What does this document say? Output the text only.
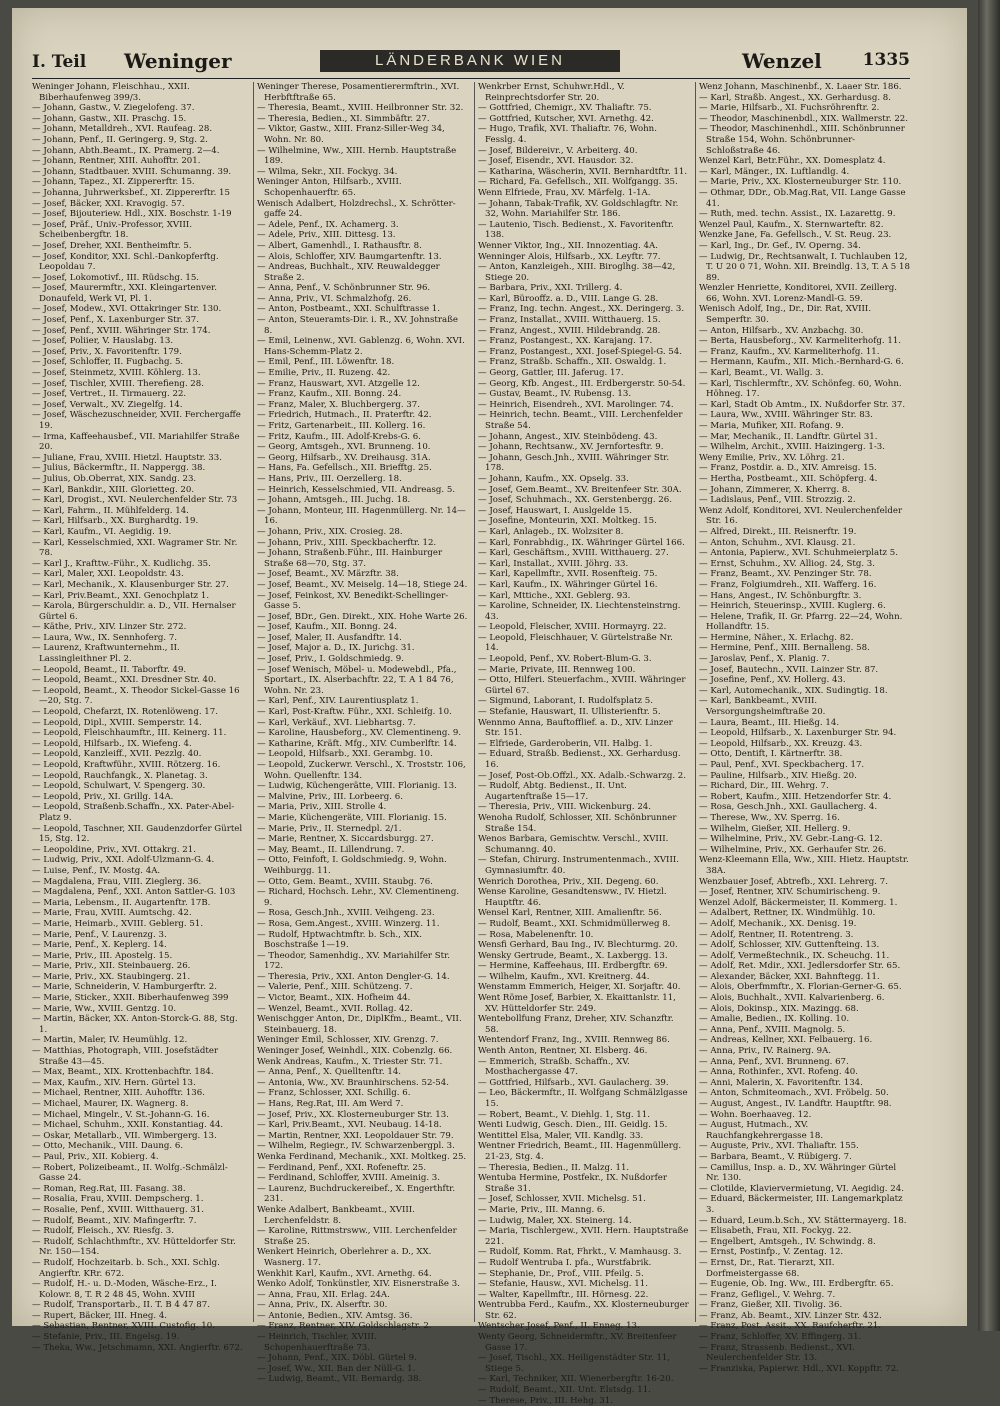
I. Teil Weninger	LÄNDERBANK WIEN	Wenzel 1335

Weninger Johann, Fleischhau., XXII. Biberhaufenweg 399/3.

— Johann, Gastw., V. Ziegelofeng. 37.

— Johann, Gastw., XII. Praschg. 15.

— Johann, Metalldreh., XVI. Raufeag. 28.

— Johann, Penf., II. Geringerg. 9, Stg. 2.

— Johann, Abth.Beamt., IX. Pramerg. 2—4.

— Johann, Rentner, XIII. Auhofftr. 201.

— Johann, Stadtbauer. XVIII. Schumanng. 39.

— Johann, Tapez., XI. Zippererftr. 15.

— Johanna, Juhrwerksbef., XI. Zippererftr. 15

— Josef, Bäcker, XXI. Kravogig. 57.

— Josef, Bijouteriew. Hdl., XIX. Boschstr. 1-19

— Josef, Präf., Univ.-Professor, XVIII. Scheibenbergftr. 18.

— Josef, Dreher, XXI. Bentheimftr. 5.

— Josef, Konditor, XXI. Schl.-Dankopferftg. Leopoldau 7.

— Josef, Lokomotivf., III. Rüdschg. 15.

— Josef, Maurermftr., XXI. Kleingartenver. Donaufeld, Werk VI, Pl. 1.

— Josef, Modew., XVI. Ottakringer Str. 130.

— Josef, Penf., X. Laxenburger Str. 37.

— Josef, Penf., XVIII. Währinger Str. 174.

— Josef, Poliier, V. Hauslabg. 13.

— Josef, Priv., X. Favoritenftr. 179.

— Josef, Schloffer, II. Fugbachg. 5.

— Josef, Steinmetz, XVIII. Köhlerg. 13.

— Josef, Tischler, XVIII. Therefieng. 28.

— Josef, Vertret., II. Tirmauerg. 22.

— Josef, Verwalt., XV. Ziegelfg. 14.

— Josef, Wäschezuschneider, XVII. Ferchergaffe 19.

— Irma, Kaffeehausbef., VII. Mariahilfer Straße 20.

— Juliane, Frau, XVIII. Hietzl. Hauptstr. 33.

— Julius, Bäckermftr., II. Nappergg. 38.

— Julius, Ob.Oberrat, XIX. Sandg. 23.

— Karl, Bankdir., XIII. Glorietteg. 20.

— Karl, Drogist., XVI. Neulerchenfelder Str. 73

— Karl, Fahrm., II. Mühlfelderg. 14.

— Karl, Hilfsarb., XX. Burghardtg. 19.

— Karl, Kaufm., VI. Aegidig. 19.

— Karl, Kesselschmied, XXI. Wagramer Str. Nr. 78.

— Karl J., Krafttw.-Führ., X. Kudlichg. 35.

— Karl, Maler, XXI. Leopoldstr. 43.

— Karl, Mechanik., X. Klausenburger Str. 27.

— Karl, Priv.Beamt., XXI. Genochplatz 1.

— Karola, Bürgerschuldir. a. D., VII. Hernalser Gürtel 6.

— Käthe, Priv., XIV. Linzer Str. 272.

— Laura, Ww., IX. Sennhoferg. 7.

— Laurenz, Kraftwunternehm., II. Lassingleithner Pl. 2.

— Leopold, Beamt., II. Taborftr. 49.

— Leopold, Beamt., XXI. Dresdner Str. 40.

— Leopold, Beamt., X. Theodor Sickel-Gasse 16—20, Stg. 7.

— Leopold, Chefarzt, IX. Rotenlöweng. 17.

— Leopold, Dipl., XVIII. Semperstr. 14.

— Leopold, Fleischhaumftr., III. Keinerg. 11.

— Leopold, Hilfsarb., IX. Wiefeng. 4.

— Leopold, Kanzleiff., XVII. Pezzlg. 40.

— Leopold, Kraftwführ., XVIII. Rötzerg. 16.

— Leopold, Rauchfangk., X. Planetag. 3.

— Leopold, Schulwart, V. Spengerg. 30.

— Leopold, Priv., XI. Grillg. 14A.

— Leopold, Straßenb.Schaffn., XX. Pater-Abel-Platz 9.

— Leopold, Taschner, XII. Gaudenzdorfer Gürtel 15, Stg. 12.

— Leopoldine, Priv., XVI. Ottakrg. 21.

— Ludwig, Priv., XXI. Adolf-Ulzmann-G. 4.

— Luise, Penf., IV. Mostg. 4A.

— Magdalena, Frau, VIII. Zieglerg. 36.

— Magdalena, Penf., XXI. Anton Sattler-G. 103

— Maria, Lebensm., II. Augartenftr. 17B.

— Marie, Frau, XVIII. Aumtschg. 42.

— Marie, Heimarb., XVIII. Geblerg. 51.

— Marie, Penf., V. Laurenzg. 3.

— Marie, Penf., X. Keplerg. 14.

— Marie, Priv., III. Apostelg. 15.

— Marie, Priv., XII. Steinbauerg. 26.

— Marie, Priv., XX. Staubingerg. 21.

— Marie, Schneiderin, V. Hamburgerftr. 2.

— Marie, Sticker., XXII. Biberhaufenweg 399

— Marie, Ww., XVIII. Gentzg. 10.

— Martin, Bäcker, XX. Anton-Storck-G. 88, Stg. 1.

— Martin, Maler, IV. Heumühlg. 12.

— Matthias, Photograph, VIII. Josefstädter Straße 43—45.

— Max, Beamt., XIX. Krottenbachftr. 184.

— Max, Kaufm., XIV. Hern. Gürtel 13.

— Michael, Rentner, XIII. Auhofftr. 136.

— Michael, Maurer, IX. Wagnerg. 8.

— Michael, Mingelr., V. St.-Johann-G. 16.

— Michael, Schuhm., XXII. Konstantiag. 44.

— Oskar, Metallarb., VII. Wimbergerg. 13.

— Otto, Mechanik., VIII. Daung. 6.

— Paul, Priv., XII. Kobierg. 4.

— Robert, Polizeibeamt., II. Wolfg.-Schmälzl-Gasse 24.

— Roman, Reg.Rat, III. Fasang. 38.

— Rosalia, Frau, XVIII. Dempscherg. 1.

— Rosalie, Penf., XVIII. Witthauerg. 31.

— Rudolf, Beamt., XIV. Mafingerftr. 7.

— Rudolf, Fleisch., XV. Riesfg. 3.

— Rudolf, Schlachthmftr., XV. Hütteldorfer Str. Nr. 150—154.

— Rudolf, Hochzeitarb. b. Sch., XXI. Schlg. Angierftr. KRr. 672.

— Rudolf, H.- u. D.-Moden, Wäsche-Erz., I. Kolowr. 8, T. R 2 48 45, Wohn. XVIII

— Rudolf, Transportarb., II. T. B 4 47 87.

— Rupert, Bäcker, III. Hneg. 4.

— Sebastian, Rentner, XVIII. Custofig. 10.

— Stefanie, Priv., III. Engelsg. 19.

— Theka, Ww., Jetschmamn, XXI. Angierftr. 672.

Weninger Therese, Posamentierermftrin., XVI. Herbftftraße 65.

— Theresia, Beamt., XVIII. Heilbronner Str. 32.

— Theresia, Bedien., XI. Simmbäftr. 27.

— Viktor, Gastw., XIII. Franz-Siller-Weg 34, Wohn. Nr. 80.

— Wilhelmine, Ww., XIII. Hernb. Hauptstraße 189.

— Wilma, Sekr., XII. Fockyg. 34.

Weninger Anton, Hilfsarb., XVIII. Schopenhauerftr. 65.

Wenisch Adalbert, Holzdrechsl., X. Schrötter-gaffe 24.

— Adele, Penf., IX. Achamerg. 3.

— Adele, Priv., XIII. Dittesg. 13.

— Albert, Gamenhdl., I. Rathausftr. 8.

— Alois, Schloffer, XIV. Baumgartenftr. 13.

— Andreas, Buchhalt., XIV. Reuwaldegger Straße 2.

— Anna, Penf., V. Schönbrunner Str. 96.

— Anna, Priv., VI. Schmalzhofg. 26.

— Anton, Postbeamt., XXI. Schulftrasse 1.

— Anton, Steueramts-Dir. i. R., XV. Johnstraße 8.

— Emil, Leinenw., XVI. Gablenzg. 6, Wohn. XVI. Hans-Schemm-Platz 2.

— Emil, Penf., III. Löwenftr. 18.

— Emilie, Priv., II. Ruzeng. 42.

— Franz, Hauswart, XVI. Atzgelle 12.

— Franz, Kaufm., XII. Bonng. 24.

— Franz, Maler, X. Bluchbergerg. 37.

— Friedrich, Hutmach., II. Praterftr. 42.

— Fritz, Gartenarbeit., III. Kollerg. 16.

— Fritz, Kaufm., III. Adolf-Krebs-G. 6.

— Georg, Amtsgeh., XVI. Brunneng. 10.

— Georg, Hilfsarb., XV. Dreihausg. 31A.

— Hans, Fa. Gefellsch., XII. Briefftg. 25.

— Hans, Priv., III. Oerzellerg. 18.

— Heinrich, Kesselschmied, VII. Andreasg. 5.

— Johann, Amtsgeh., III. Juchg. 18.

— Johann, Monteur, III. Hagenmüllerg. Nr. 14—16.

— Johann, Priv., XIX. Crosieg. 28.

— Johann, Priv., XIII. Speckbacherftr. 12.

— Johann, Straßenb.Führ., III. Hainburger Straße 68—70, Stg. 37.

— Josef, Beamt., XV. Märzftr. 38.

— Josef, Beamt., XV. Meiselg. 14—18, Stiege 24.

— Josef, Feinkost, XV. Benedikt-Schellinger-Gasse 5.

— Josef, BDr., Gen. Direkt., XIX. Hohe Warte 26.

— Josef, Kaufm., XII. Bonng. 24.

— Josef, Maler, II. Ausfandftr. 14.

— Josef, Major a. D., IX. Jurichg. 31.

— Josef, Priv., I. Goldschmiedg. 9.

— Josef Wenisch, Möbel- u. Modewebdl., Pfa., Sportart., IX. Alserbachftr. 22, T. A 1 84 76, Wohn. Nr. 23.

— Karl, Penf., XIV. Laurentiusplatz 1.

— Karl, Post-Kraftw. Führ., XXI. Schleifg. 10.

— Karl, Verkäuf., XVI. Liebhartsg. 7.

— Karoline, Hausbeforg., XV. Clementineng. 9.

— Katharine, Kräft. Mfg., XIV. Cumberlftr. 14.

— Leopold, Hilfsarb., XXI. Gerambg. 10.

— Leopold, Zuckerwr. Verschl., X. Troststr. 106, Wohn. Quellenftr. 134.

— Ludwig, Küchengerätte, VIII. Florianig. 13.

— Malvine, Priv., III. Lorbeerg. 6.

— Maria, Priv., XIII. Strolle 4.

— Marie, Küchengeräte, VIII. Florianig. 15.

— Marie, Priv., II. Sternedpl. 2/1.

— Marie, Rentner, X. Siccardsburgg. 27.

— May, Beamt., II. Lillendrung. 7.

— Otto, Feinfoft, I. Goldschmiedg. 9, Wohn. Weihburgg. 11.

— Otto, Gem. Beamt., XVIII. Staubg. 76.

— Richard, Hochsch. Lehr., XV. Clementineng. 9.

— Rosa, Gesch.Jnh., XVIII. Veihgeng. 23.

— Rosa, Gem.Angest., XVIII. Winzerg. 11.

— Rudolf, Hptwachtmftr. b. Sch., XIX. Boschstraße 1—19.

— Theodor, Samenhdig., XV. Mariahilfer Str. 172.

— Theresia, Priv., XXI. Anton Dengler-G. 14.

— Valerie, Penf., XIII. Schützeng. 7.

— Victor, Beamt., XIX. Hofheim 44.

— Wenzel, Beamt., XVII. Rollag. 42.

Wenischgger Anton, Dr., DiplKfm., Beamt., VII. Steinbauerg. 18.

Weninger Emil, Schlosser, XIV. Grenzg. 7.

Weninger Josef, Weinhdl., XIX. Cobenzlg. 66.

Wenk Andreas, Kaufm., X. Triester Str. 71.

— Anna, Penf., X. Quelltenftr. 14.

— Antonia, Ww., XV. Braunhirschens. 52-54.

— Franz, Schlosser, XXI. Schillg. 6.

— Hans, Reg.Rat, III. Am Werd 7.

— Josef, Priv., XX. Klosterneuburger Str. 13.

— Karl, Priv.Beamt., XVI. Neubaug. 14-18.

— Martin, Rentner, XXI. Leopoldauer Str. 79.

— Wilhelm, Regiegr., IV. Schwarzenbergpl. 3.

Wenka Ferdinand, Mechanik., XXI. Moltkeg. 25.

— Ferdinand, Penf., XXI. Rofeneftr. 25.

— Ferdinand, Schloffer, XVIII. Ameinig. 3.

— Laurenz, Buchdruckereibef., X. Engerthftr. 231.

Wenke Adalbert, Bankbeamt., XVIII. Lerchenfeldstr. 8.

— Karoline, Rittmstrsww., VIII. Lerchenfelder Straße 25.

Wenkert Heinrich, Oberlehrer a. D., XX. Wasnerg. 17.

Wenkhit Karl, Kaufm., XVI. Arnethg. 64.

Wenko Adolf, Tonkünstler, XIV. Eisnerstraße 3.

— Anna, Frau, XII. Erlag. 24A.

— Anna, Priv., IX. Alserftr. 30.

— Antonie, Bedien., XIV. Amtsg. 36.

— Franz, Rentner, XIV. Goldschlagstr. 2.

— Heinrich, Tischler, XVIII. Schopenhauerftraße 73.

— Johann, Penf., XIX. Döbl. Gürtel 9.

— Josef, Ww., XII. Ban der Nüll-G. 1.

— Ludwig, Beamt., VII. Bernardg. 38.

Wenkrber Ernst, Schuhwr.Hdl., V. Reinprechtsdorfer Str. 20.

— Gottfried, Chemigr., XV. Thaliaftr. 75.

— Gottfried, Kutscher, XVI. Arnethg. 42.

— Hugo, Trafik, XVI. Thaliaftr. 76, Wohn. Fesslg. 4.

— Josef, Bildereivr., V. Arbeiterg. 40.

— Josef, Eisendr., XVI. Hausdor. 32.

— Katharina, Wäscherin, XVII. Bernhardtftr. 11.

— Richard, Fa. Gefellsch., XII. Wolfgangg. 35.

Wenn Elfriede, Frau, XV. Märfelg. 1-1A.

— Johann, Tabak-Trafik, XV. Goldschlagftr. Nr. 32, Wohn. Mariahilfer Str. 186.

— Lautenio, Tisch. Bedienst., X. Favoritenftr. 138.

Wenner Viktor, Ing., XII. Innozentiag. 4A.

Wenninger Alois, Hilfsarb., XX. Leyftr. 77.

— Anton, Kanzleigeh., XIII. Biroglhg. 38—42, Stiege 20.

— Barbara, Priv., XXI. Trillerg. 4.

— Karl, Bürooffz. a. D., VIII. Lange G. 28.

— Franz, Ing. techn. Angest., XX. Deringerg. 3.

— Franz, Installat., XVIII. Witthauerg. 15.

— Franz, Angest., XVIII. Hildebrandg. 28.

— Franz, Postangest., XX. Karajang. 17.

— Franz, Postangest., XXI. Josef-Spiegel-G. 54.

— Franz, Straßb. Schaffn., XII. Oswaldg. 1.

— Georg, Gattler, III. Jaferug. 17.

— Georg, Kfb. Angest., III. Erdbergerstr. 50-54.

— Gustav, Beamt., IV. Rubensg. 13.

— Heinrich, Eisendreh., XVI. Marolinger. 74.

— Heinrich, techn. Beamt., VIII. Lerchenfelder Straße 54.

— Johann, Angest., XIV. Steinbödeng. 43.

— Johann, Rechtsanw., XV. Jernfortesftr. 9.

— Johann, Gesch.Jnh., XVIII. Währinger Str. 178.

— Johann, Kaufm., XX. Opselg. 33.

— Josef, Gem.Beamt., XV. Breitenfeer Str. 30A.

— Josef, Schuhmach., XX. Gerstenbergg. 26.

— Josef, Hauswart, I. Auslgelde 15.

— Josefine, Monteurin, XXI. Moltkeg. 15.

— Karl, Anlageb., IX. Wolzsiter 8.

— Karl, Fonrabhdig., IX. Währinger Gürtel 166.

— Karl, Geschäftsm., XVIII. Witthauerg. 27.

— Karl, Installat., XVIII. Jöhrg. 33.

— Karl, Kapellmftr., XVII. Rosenfteig. 75.

— Karl, Kaufm., IX. Währinger Gürtel 16.

— Karl, Mttiche., XXI. Geblerg. 93.

— Karoline, Schneider, IX. Liechtensteinstrng. 43.

— Leopold, Fleischer, XVIII. Hormayrg. 22.

— Leopold, Fleischhauer, V. Gürtelstraße Nr. 14.

— Leopold, Penf., XV. Robert-Blum-G. 3.

— Marie, Private, III. Rennweg 100.

— Otto, Hilferi. Steuerfachm., XVIII. Währinger Gürtel 67.

— Sigmund, Laborant, I. Rudolfsplatz 5.

— Stefanie, Hauswart, II. Ullisterienftr. 5.

Wennmo Anna, Bauftofflief. a. D., XIV. Linzer Str. 151.

— Elfriede, Garderoberin, VII. Halbg. 1.

— Eduard, Straßb. Bedienst., XX. Gerhardusg. 16.

— Josef, Post-Ob.Offzl., XX. Adalb.-Schwarzg. 2.

— Rudolf, Abtg. Bedienst., II. Unt. Augartenftraße 15—17.

— Theresia, Priv., VIII. Wickenburg. 24.

Wenoha Rudolf, Schlosser, XII. Schönbrunner Straße 154.

Wenos Barbara, Gemischtw. Verschl., XVIII. Schumanng. 40.

— Stefan, Chirurg. Instrumentenmach., XVIII. Gymnasiumftr. 40.

Wenrich Dorothea, Priv., XII. Degeng. 60.

Wense Karoline, Gesandtensww., IV. Hietzl. Hauptftr. 46.

Wensel Karl, Rentner, XIII. Amalienftr. 56.

— Rudolf, Beamt., XXI. Schmidmüllerweg 8.

— Rosa, Mabelenenftr. 10.

Wensfi Gerhard, Bau Ing., IV. Blechturmg. 20.

Wensky Gertrude, Beamt., X. Laxbergg. 13.

— Hermine, Kaffeehaus, III. Erdbergftr. 69.

— Wilhelm, Kaufm., XVI. Kreitnerg. 44.

Wenstamm Emmerich, Heiger, XI. Sorjaftr. 40.

Went Röme Josef, Barbier, X. Ekaittanlstr. 11, XV. Hütteldorfer Str. 249.

Wentebollfung Franz, Dreher, XIV. Schanzftr. 58.

Wentendorf Franz, Ing., XVIII. Rennweg 86.

Wenth Anton, Rentner, XI. Elsberg. 46.

— Emmerich, Straßb. Schaffn., XV. Mosthachergasse 47.

— Gottfried, Hilfsarb., XVI. Gaulacherg. 39.

— Leo, Bäckermftr., II. Wolfgang Schmälzlgasse 15.

— Robert, Beamt., V. Diehlg. 1, Stg. 11.

Wenti Ludwig, Gesch. Dien., III. Geidlg. 15.

Wentittel Elsa, Maler, VII. Kandlg. 33.

Wentner Friedrich, Beamt., III. Hagenmüllerg. 21-23, Stg. 4.

— Theresia, Bedien., II. Malzg. 11.

Wentuba Hermine, Postfekr., IX. Nußdorfer Straße 31.

— Josef, Schlosser, XVII. Michelsg. 51.

— Marie, Priv., III. Manng. 6.

— Ludwig, Maler, XX. Steinerg. 14.

— Maria, Tischlergew., XVII. Hern. Hauptstraße 221.

— Rudolf, Komm. Rat, Fhrkt., V. Mamhausg. 3.

— Rudolf Wentruba I. pfa., Wurstfabrik.

— Stephanie, Dr., Prof., VIII. Pfeilg. 5.

— Stefanie, Hausw., XVI. Michelsg. 11.

— Walter, Kapellmftr., III. Hörnesg. 22.

Wentrubba Ferd., Kaufm., XX. Klosterneuburger Str. 62.

Wentscher Josef, Penf., II. Enneg. 13.

Wenty Georg, Schneidermftr., XV. Breitenfeer Gasse 17.

— Josef, Tischl., XX. Heiligenstädter Str. 11, Stiege 5.

— Karl, Techniker, XII. Wienerbergftr. 16-20.

— Rudolf, Beamt., XII. Unt. Elstsdg. 11.

— Therese, Priv., III. Hehg. 31.

Wenz Johann, Maschinenbf., X. Laaer Str. 186.

— Karl, Straßb. Angest., XX. Gerhardusg. 8.

— Marie, Hilfsarb., XI. Fuchsröhrenftr. 2.

— Theodor, Maschinenbdl., XIX. Wallmerstr. 22.

— Theodor, Maschinenhdl., XIII. Schönbrunner Straße 154, Wohn. Schönbrunner-Schloßstraße 46.

Wenzel Karl, Betr.Führ., XX. Domesplatz 4.

— Karl, Mänger., IX. Luftlandlg. 4.

— Marie, Priv., XX. Klosterneuburger Str. 110.

— Othmar, DDr., Ob.Mag.Rat, VII. Lange Gasse 41.

— Ruth, med. techn. Assist., IX. Lazarettg. 9.

Wenzel Paul, Kaufm., X. Sternwarteftr. 82.

Wenzke Jane, Fa. Gefellsch., V. St. Reug. 23.

— Karl, Ing., Dr. Gef., IV. Operng. 34.

— Ludwig, Dr., Rechtsanwalt, I. Tuchlauben 12, T. U 20 0 71, Wohn. XII. Breindlg. 13, T. A 5 18 89.

Wenzler Henriette, Konditorei, XVII. Zeillerg. 66, Wohn. XVI. Lorenz-Mandl-G. 59.

Wenisch Adolf, Ing., Dr., Dir. Rat, XVIII. Semperftr. 30.

— Anton, Hilfsarb., XV. Anzbachg. 30.

— Berta, Hausbeforg., XV. Karmeliterhofg. 11.

— Franz, Kaufm., XV. Karmeliterhofg. 11.

— Hermann, Kaufm., XII. Mich.-Bernhard-G. 6.

— Karl, Beamt., VI. Wallg. 3.

— Karl, Tischlermftr., XV. Schönfeg. 60, Wohn. Höhneg. 17.

— Karl, Stadt Ob Amtm., IX. Nußdorfer Str. 37.

— Laura, Ww., XVIII. Währinger Str. 83.

— Maria, Mufiker, XII. Rofang. 9.

— Mar, Mechanik., II. Landftr. Gürtel 31.

— Wilhelm, Archit., XVIII. Haizingerg. 1-3.

Weny Emilie, Priv., XV. Löhrg. 21.

— Franz, Postdir. a. D., XIV. Amreisg. 15.

— Hertha, Postbeamt., XII. Schöpferg. 4.

— Johann, Zimmerer, X. Kherrg. 8.

— Ladislaus, Penf., VIII. Strozzig. 2.

Wenz Adolf, Konditorei, XVI. Neulerchenfelder Str. 16.

— Alfred, Direkt., III. Reisnerftr. 19.

— Anton, Schuhm., XVI. Klausg. 21.

— Antonia, Papierw., XVI. Schuhmeierplatz 5.

— Ernst, Schuhm., XV. Alliog. 24, Stg. 3.

— Franz, Beamt., XV. Penzinger Str. 78.

— Franz, Folgiumdreh., XII. Wafferg. 16.

— Hans, Angest., IV. Schönburgftr. 3.

— Heinrich, Steuerinsp., XVIII. Kuglerg. 6.

— Helene, Trafik, II. Gr. Pfarrg. 22—24, Wohn. Hollandftr. 15.

— Hermine, Näher., X. Erlachg. 82.

— Hermine, Penf., XIII. Bernalleng. 58.

— Jaroslav, Penf., X. Planig. 7.

— Josef, Bautechn., XVII. Lainzer Str. 87.

— Josefine, Penf., XV. Hollerg. 43.

— Karl, Automechanik., XIX. Sudingtig. 18.

— Karl, Bankbeamt., XVIII. Versorgungsheimftraße 20.

— Laura, Beamt., III. Hießg. 14.

— Leopold, Hilfsarb., X. Laxenburger Str. 94.

— Leopold, Hilfsarb., XX. Kreuzg. 43.

— Otto, Dentift, I. Kärtnerftr. 38.

— Paul, Penf., XVI. Speckbacherg. 17.

— Pauline, Hilfsarb., XIV. Hießg. 20.

— Richard, Dir., III. Wehrg. 7.

— Robert, Kaufm., XIII. Hetzendorfer Str. 4.

— Rosa, Gesch.Jnh., XXI. Gaullacherg. 4.

— Therese, Ww., XV. Sperrg. 16.

— Wilhelm, Gießer, XII. Hellerg. 9.

— Wilhelmine, Priv., XV. Gebr.-Lang-G. 12.

— Wilhelmine, Priv., XX. Gerhaufer Str. 26.

Wenz-Kleemann Ella, Ww., XIII. Hietz. Hauptstr. 38A.

Wenzbauer Josef, Abtrefb., XXI. Lehrerg. 7.

— Josef, Rentner, XIV. Schumirischeng. 9.

Wenzel Adolf, Bäckermeister, II. Kommerg. 1.

— Adalbert, Rettner, IX. Windmühlg. 10.

— Adolf, Mechanik., XX. Denisg. 19.

— Adolf, Rentner, II. Rotentreng. 3.

— Adolf, Schlosser, XIV. Guttenfteing. 13.

— Adolf, Vermeßtechnik., IX. Scheuchg. 11.

— Adolf, Ret. Mdir., XXI. Jedlersdorfer Str. 65.

— Alexander, Bäcker, XXI. Bahnftegg. 11.

— Alois, Oberfmmftr., X. Florian-Gerner-G. 65.

— Alois, Buchhalt., XVII. Kalvarienberg. 6.

— Alois, Dokinsp., XIX. Mazingg. 68.

— Amalie, Bedien., IX. Kolling. 10.

— Anna, Penf., XVIII. Magnolg. 5.

— Andreas, Kellner, XXI. Felbauerg. 16.

— Anna, Priv., IV. Rainerg. 9A.

— Anna, Penf., XVI. Brunneng. 67.

— Anna, Rothinfer., XVI. Rofeng. 40.

— Anni, Malerin, X. Favoritenftr. 134.

— Anton, Schmiteomach., XVI. Fröbelg. 50.

— August, Angest., IV. Landftr. Hauptftr. 98.

— Wohn. Boerhaaveg. 12.

— August, Hutmach., XV. Rauchfangkehrergasse 18.

— Auguste, Priv., XVI. Thaliaftr. 155.

— Barbara, Beamt., V. Rübigerg. 7.

— Camillus, Insp. a. D., XV. Währinger Gürtel Nr. 130.

— Clotilde, Klaviervermietung, VI. Aegidig. 24.

— Eduard, Bäckermeister, III. Langemarkplatz 3.

— Eduard, Leum.b.Sch., XV. Stättermayerg. 18.

— Elisabeth, Frau, XII. Fockyg. 22.

— Engelbert, Amtsgeh., IV. Schwindg. 8.

— Ernst, Postinfp., V. Zentag. 12.

— Ernst, Dr., Rat. Tierarzt, XII. Dorfmeistergasse 68.

— Eugenie, Ob. Ing. Ww., III. Erdbergftr. 65.

— Franz, Gefligel., V. Wehrg. 7.

— Franz, Gießer, XII. Tivolig. 36.

— Franz, Ab. Beamt., XIV. Linzer Str. 432.

— Franz, Post. Assit., XX. Raufcherftr. 21.

— Franz, Schloffer, XV. Effingerg. 31.

— Franz, Strassenb. Bedienst., XVI. Neulerchenfelder Str. 13.

— Franziska, Papierwr. Hdl., XVI. Koppftr. 72.
